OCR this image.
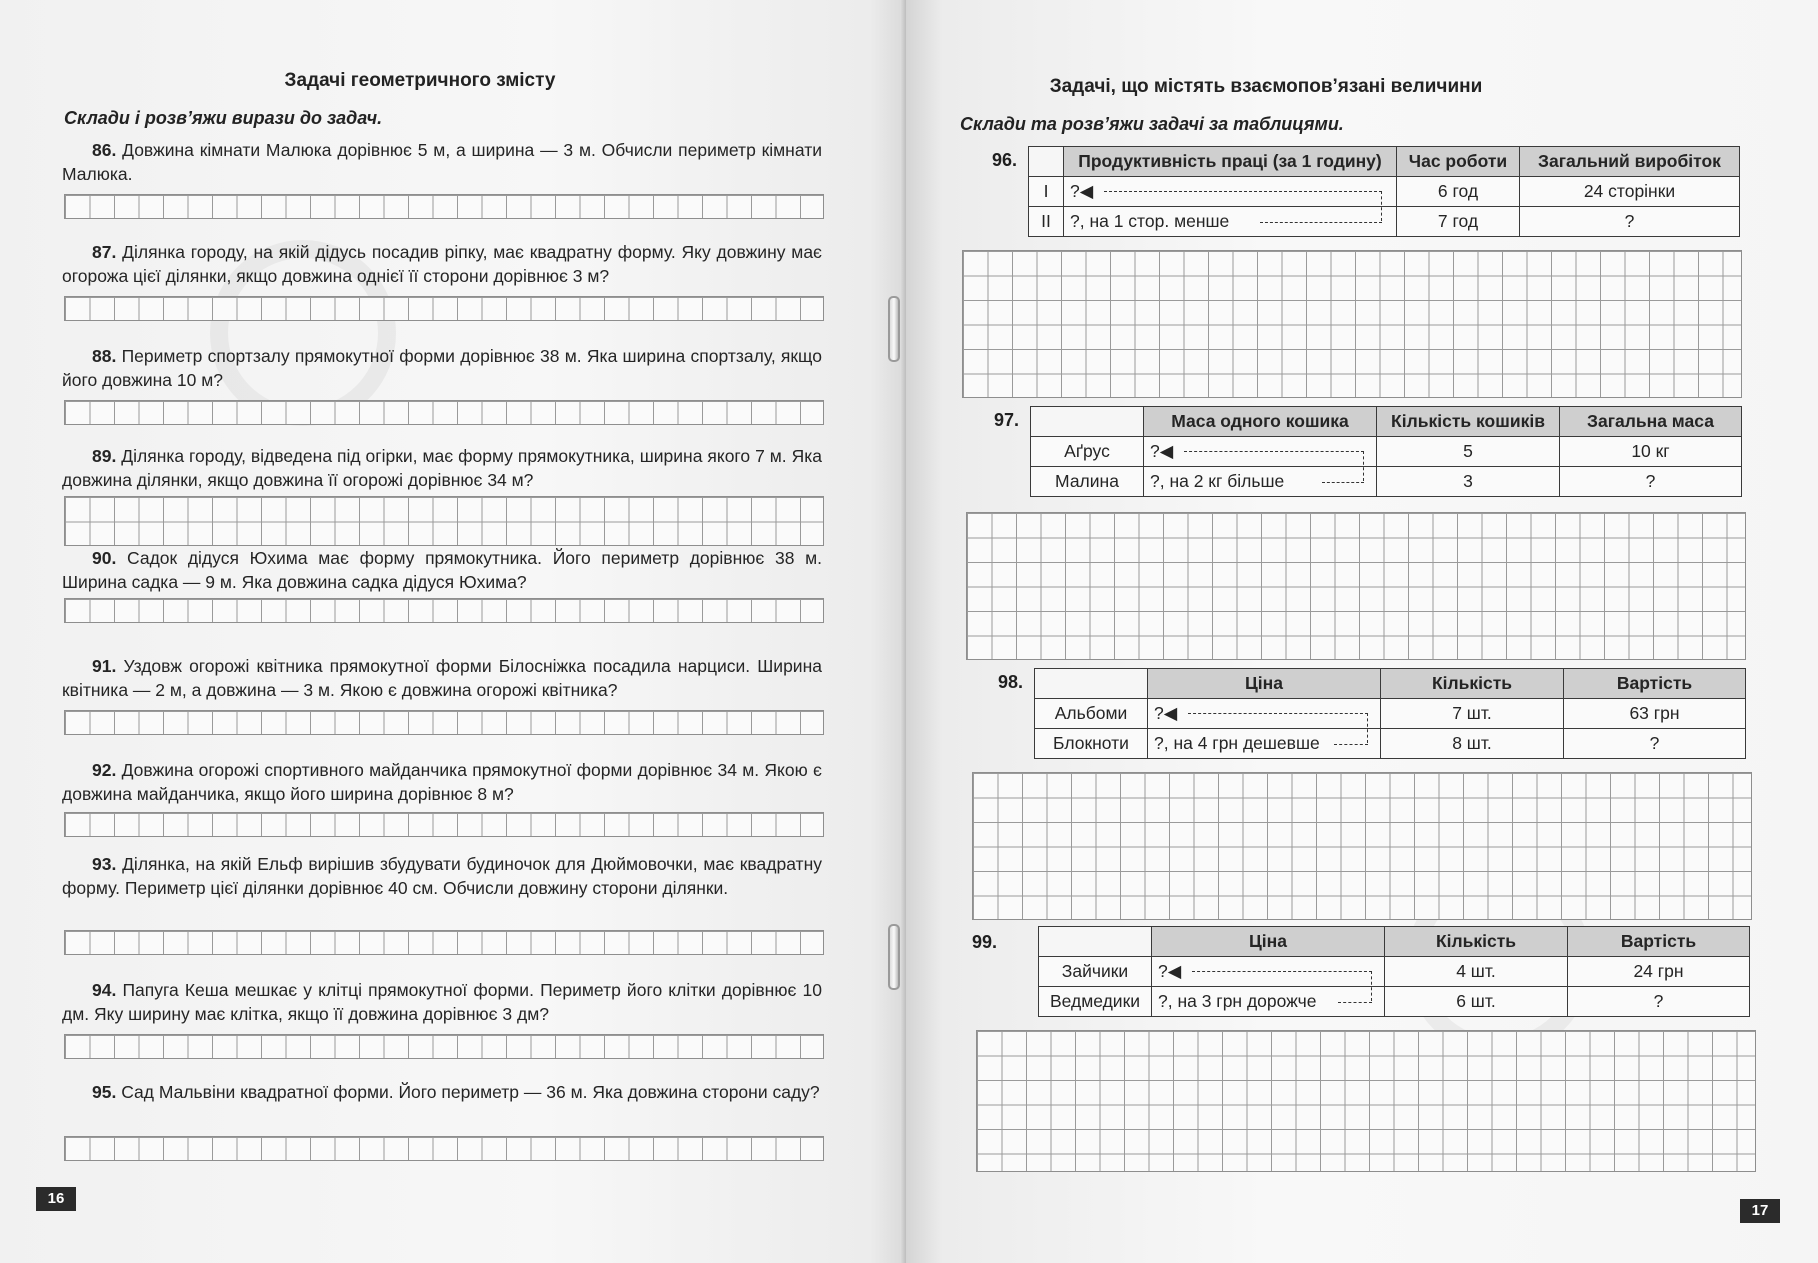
Задачі геометричного змісту
Склади і розв’яжи вирази до задач.
86. Довжина кімнати Малюка дорівнює 5 м, а ширина — 3 м. Обчисли периметр кімнати Малюка.
87. Ділянка городу, на якій дідусь посадив ріпку, має квадратну форму. Яку довжину має огорожа цієї ділянки, якщо довжина однієї її сторони дорівнює 3 м?
88. Периметр спортзалу прямокутної форми дорівнює 38 м. Яка ширина спортзалу, якщо його довжина 10 м?
89. Ділянка городу, відведена під огірки, має форму прямокутника, ширина якого 7 м. Яка довжина ділянки, якщо довжина її огорожі дорівнює 34 м?
90. Садок дідуся Юхима має форму прямокутника. Його периметр дорівнює 38 м. Ширина садка — 9 м. Яка довжина садка дідуся Юхима?
91. Уздовж огорожі квітника прямокутної форми Білосніжка посадила нарциси. Ширина квітника — 2 м, а довжина — 3 м. Якою є довжина огорожі квітника?
92. Довжина огорожі спортивного майданчика прямокутної форми дорівнює 34 м. Якою є довжина майданчика, якщо його ширина дорівнює 8 м?
93. Ділянка, на якій Ельф вирішив збудувати будиночок для Дюймовочки, має квадратну форму. Периметр цієї ділянки дорівнює 40 см. Обчисли довжину сторони ділянки.
94. Папуга Кеша мешкає у клітці прямокутної форми. Периметр його клітки дорівнює 10 дм. Яку ширину має клітка, якщо її довжина дорівнює 3 дм?
95. Сад Мальвіни квадратної форми. Його периметр — 36 м. Яка довжина сторони саду?
16
Задачі, що містять взаємопов’язані величини
Склади та розв’яжи задачі за таблицями.
96.
		Продуктивність праці (за 1 годину)	Час роботи	Загальний виробіток
I	?◀	6 год	24 сторінки
II	?, на 1 стор. менше	7 год	?
97.
		Маса одного кошика	Кількість кошиків	Загальна маса
Аґрус	?◀	5	10 кг
Малина	?, на 2 кг більше	3	?
98.
		Ціна	Кількість	Вартість
Альбоми	?◀	7 шт.	63 грн
Блокноти	?, на 4 грн дешевше	8 шт.	?
99.
		Ціна	Кількість	Вартість
Зайчики	?◀	4 шт.	24 грн
Ведмедики	?, на 3 грн дорожче	6 шт.	?
17
